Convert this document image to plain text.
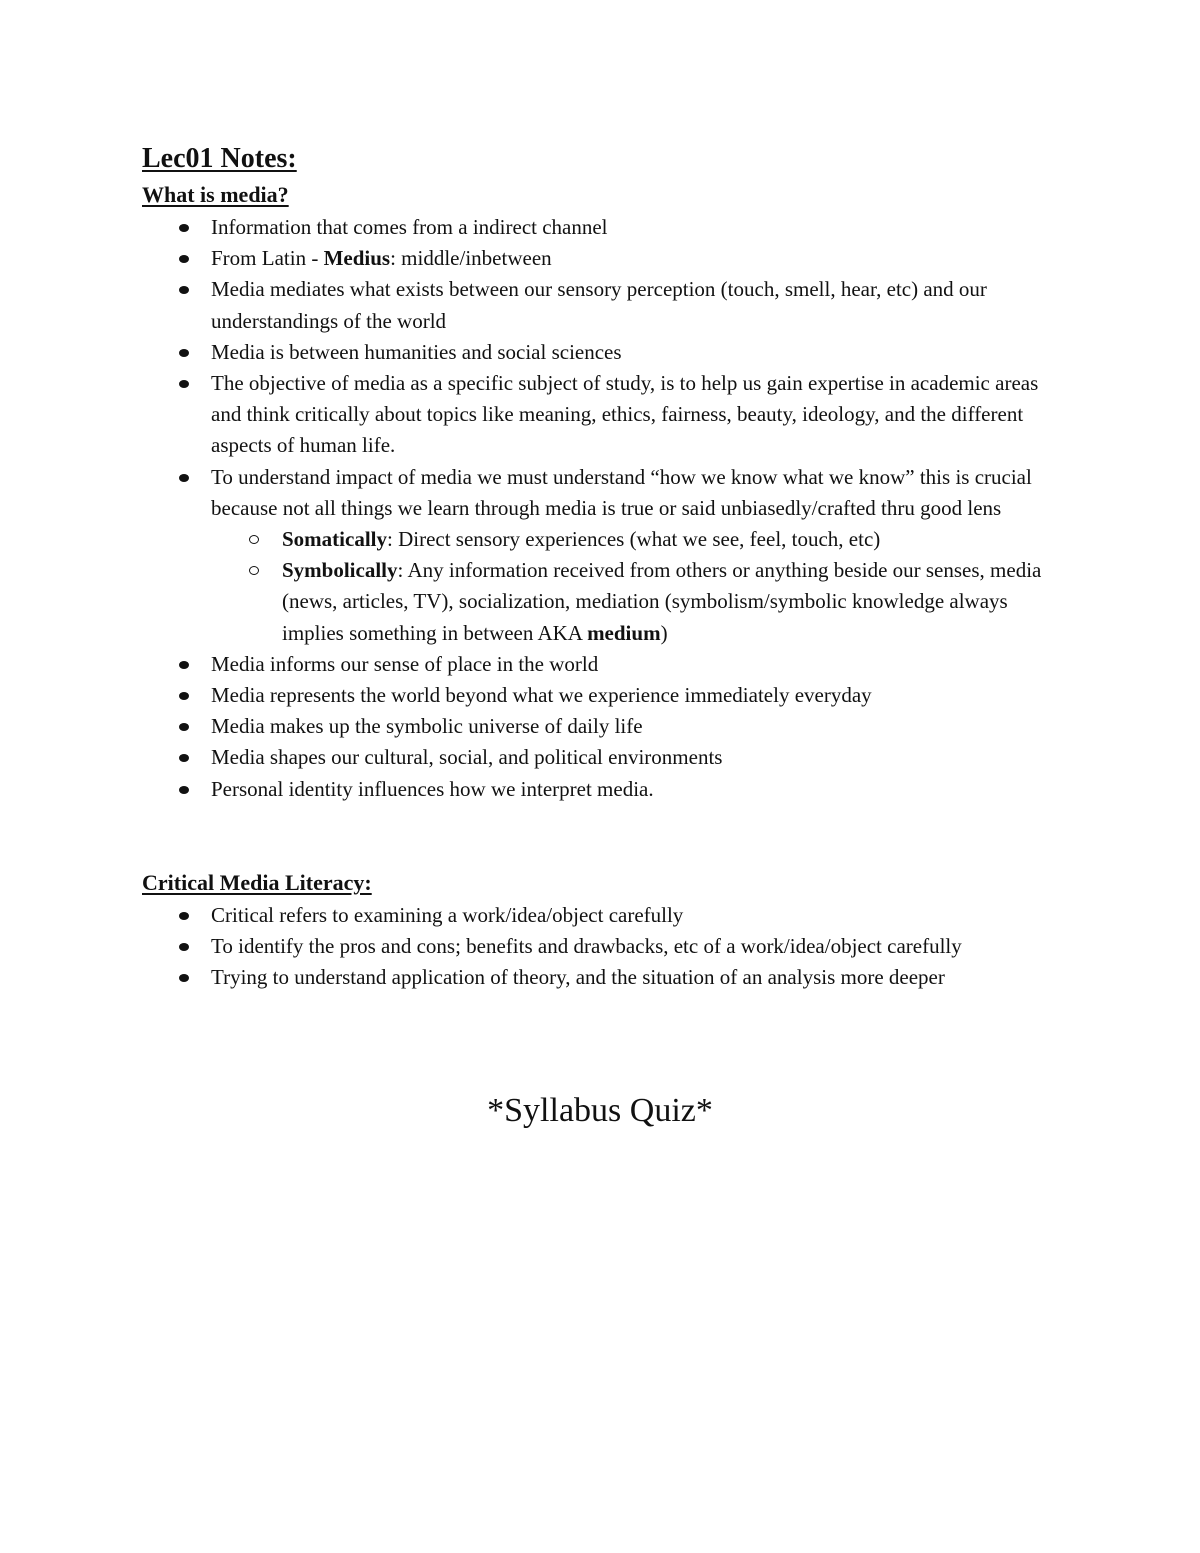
Lec01 Notes:
What is media?
Information that comes from a indirect channel
From Latin - Medius: middle/inbetween
Media mediates what exists between our sensory perception (touch, smell, hear, etc) and our understandings of the world
Media is between humanities and social sciences
The objective of media as a specific subject of study, is to help us gain expertise in academic areas and think critically about topics like meaning, ethics, fairness, beauty, ideology, and the different aspects of human life.
To understand impact of media we must understand “how we know what we know” this is crucial because not all things we learn through media is true or said unbiasedly/crafted thru good lens
Somatically: Direct sensory experiences (what we see, feel, touch, etc)
Symbolically: Any information received from others or anything beside our senses, media (news, articles, TV), socialization, mediation (symbolism/symbolic knowledge always implies something in between AKA medium)
Media informs our sense of place in the world
Media represents the world beyond what we experience immediately everyday
Media makes up the symbolic universe of daily life
Media shapes our cultural, social, and political environments
Personal identity influences how we interpret media.
Critical Media Literacy:
Critical refers to examining a work/idea/object carefully
To identify the pros and cons; benefits and drawbacks, etc of a work/idea/object carefully
Trying to understand application of theory, and the situation of an analysis more deeper
*Syllabus Quiz*
